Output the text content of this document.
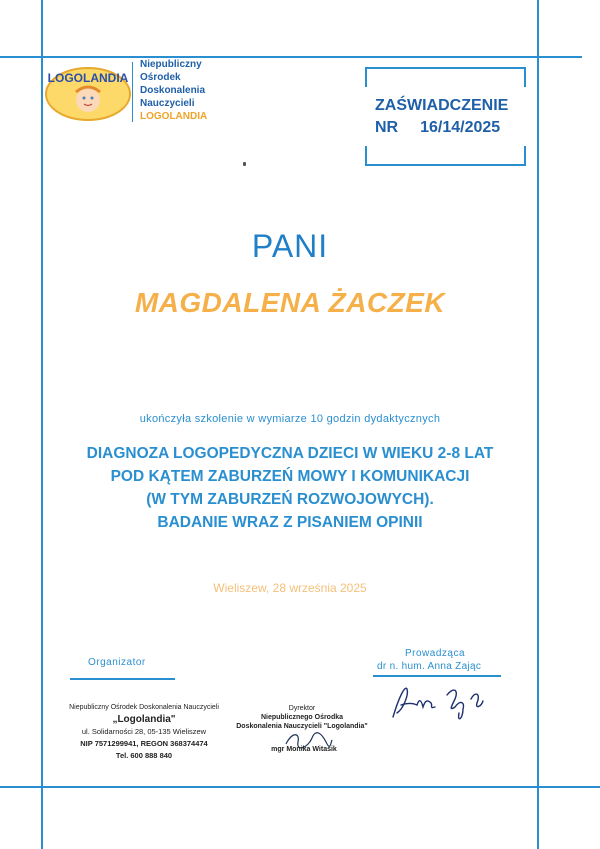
LOGOLANDIA
Niepubliczny
Ośrodek
Doskonalenia
Nauczycieli
LOGOLANDIA
ZAŚWIADCZENIE
NR 16/14/2025
PANI
MAGDALENA ŻACZEK
ukończyła szkolenie w wymiarze 10 godzin dydaktycznych
DIAGNOZA LOGOPEDYCZNA DZIECI W WIEKU 2-8 LAT
POD KĄTEM ZABURZEŃ MOWY I KOMUNIKACJI
(W TYM ZABURZEŃ ROZWOJOWYCH).
BADANIE WRAZ Z PISANIEM OPINII
Wieliszew, 28 września 2025
Organizator
Prowadząca
dr n. hum. Anna Zając
Niepubliczny Ośrodek Doskonalenia Nauczycieli
„Logolandia"
ul. Solidarności 28, 05-135 Wieliszew
NIP 7571299941, REGON 368374474
Tel. 600 888 840
Dyrektor
Niepublicznego Ośrodka
Doskonalenia Nauczycieli "Logolandia"
mgr Monika Witasik
